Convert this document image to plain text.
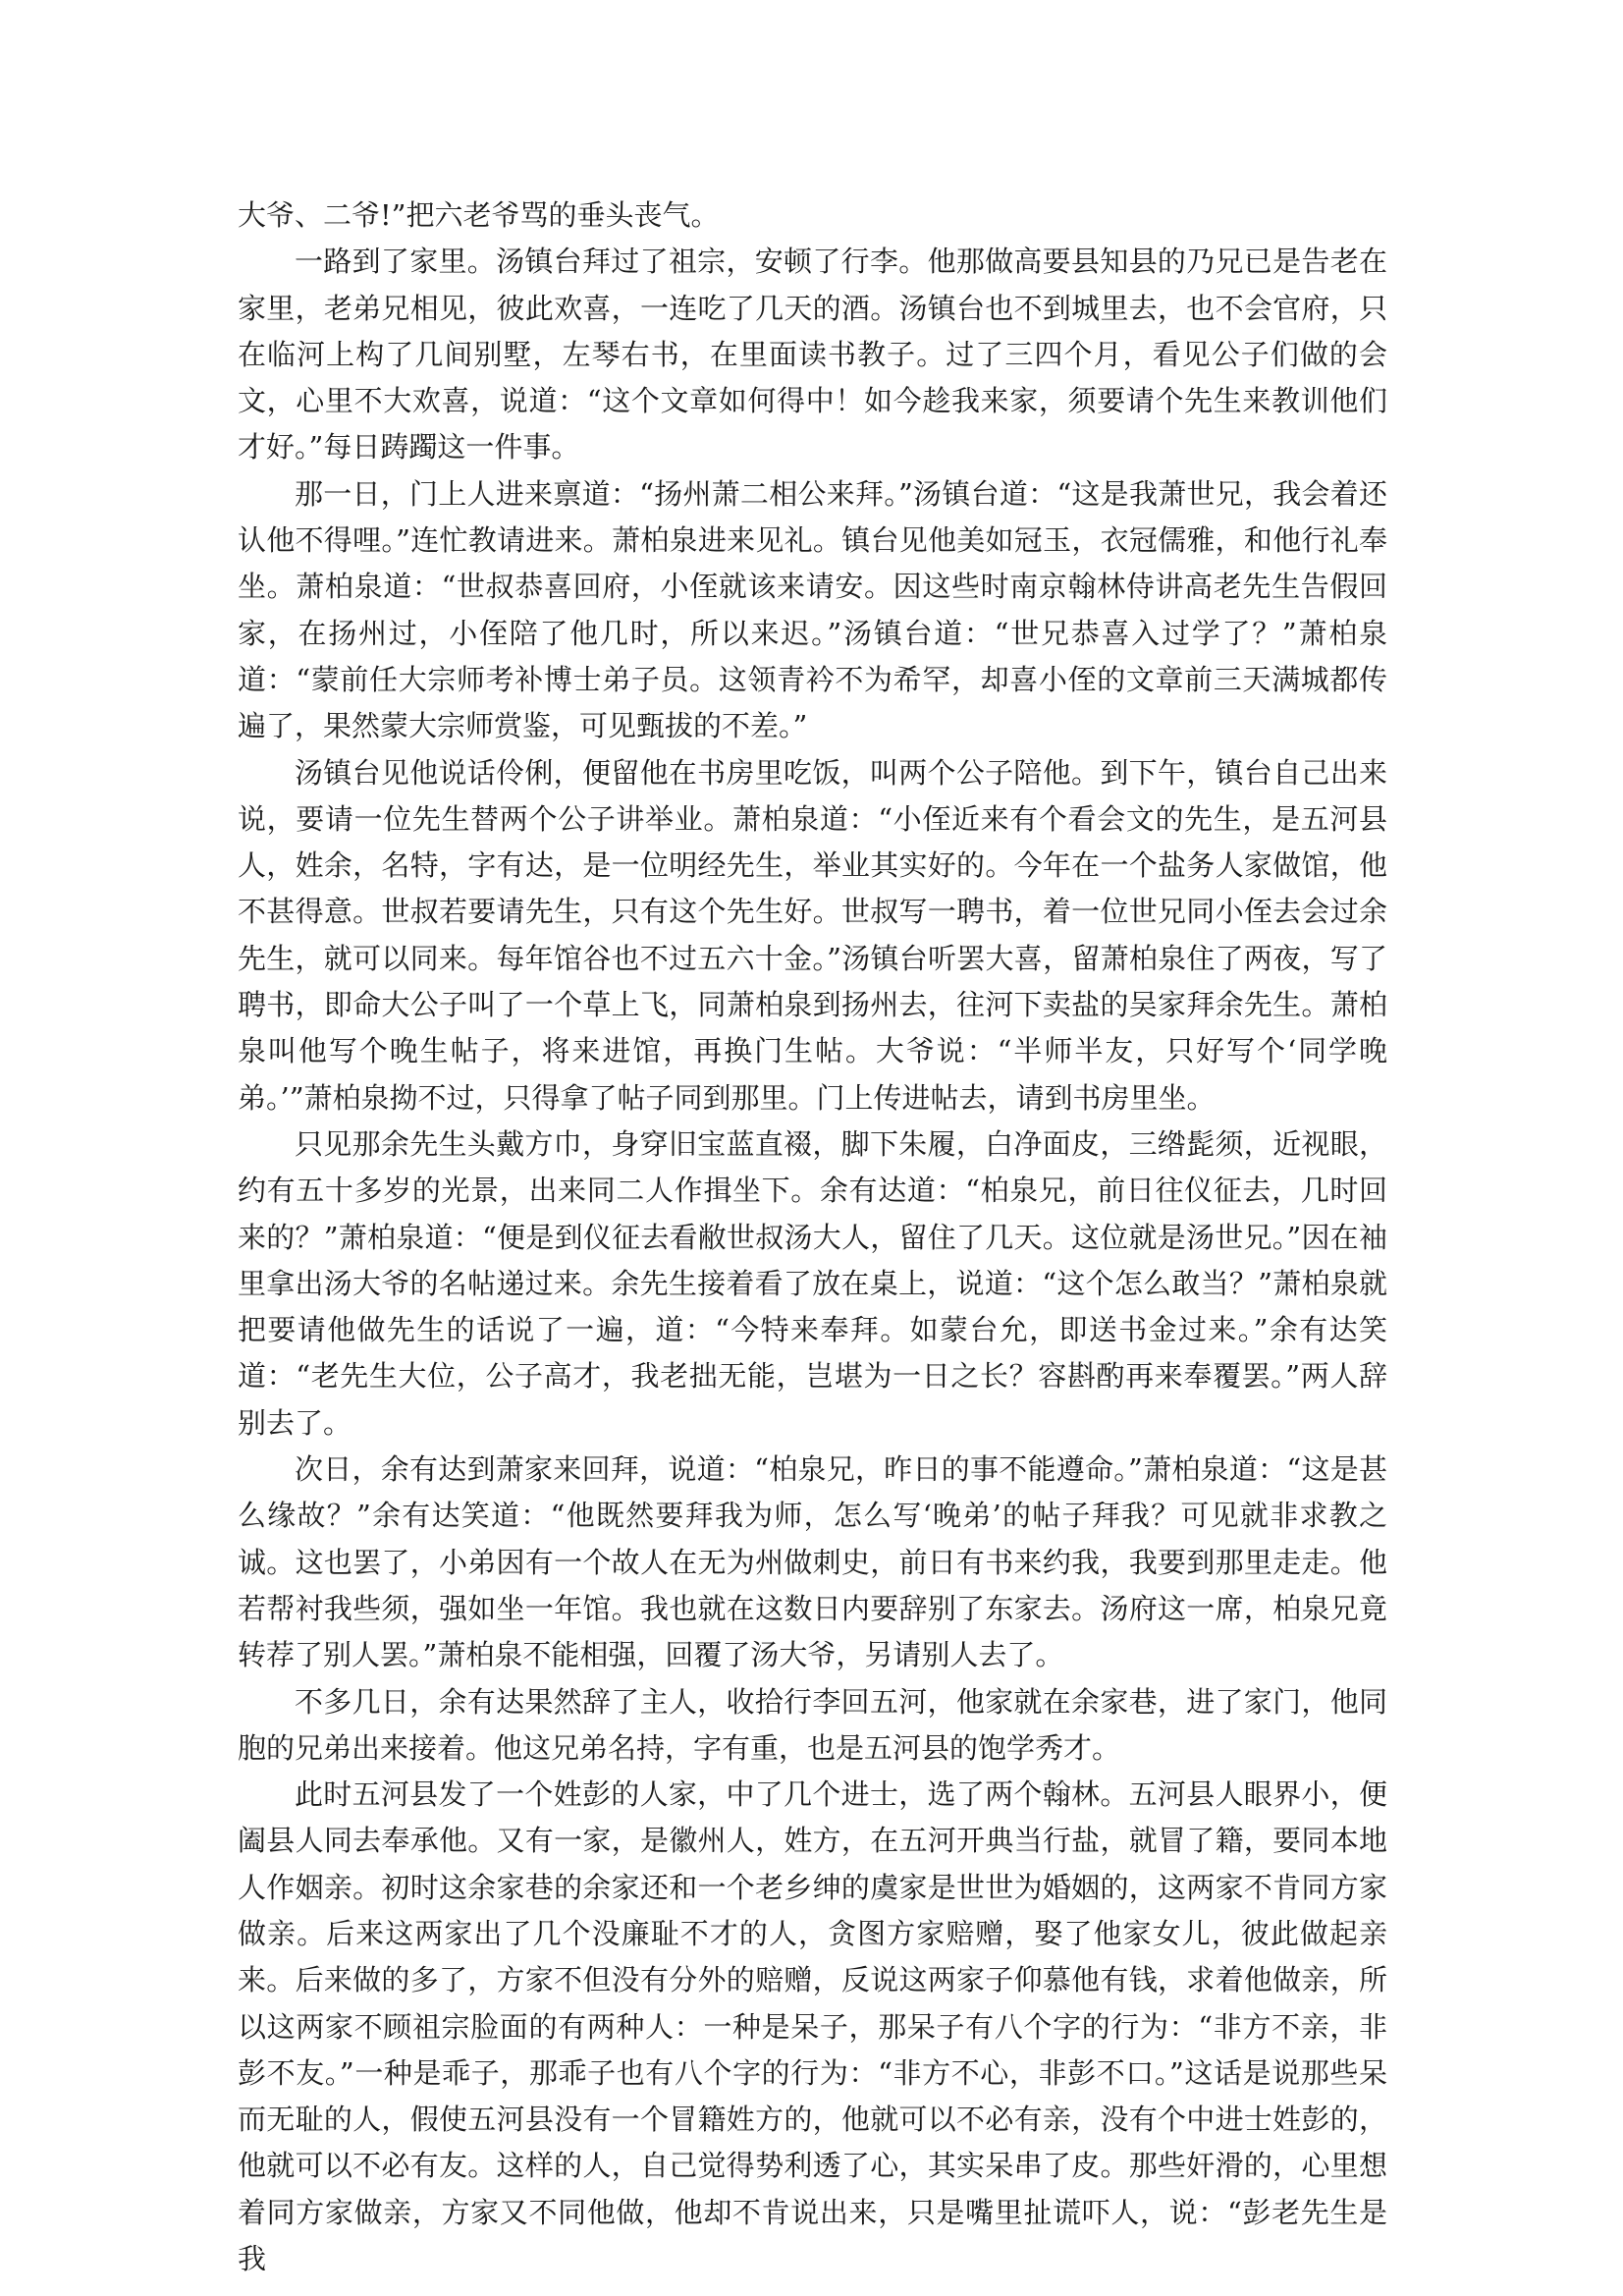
大爷、二爷!”把六老爷骂的垂头丧气。

一路到了家里。汤镇台拜过了祖宗，安顿了行李。他那做高要县知县的乃兄已是告老在家里，老弟兄相见，彼此欢喜，一连吃了几天的酒。汤镇台也不到城里去，也不会官府，只在临河上构了几间别墅，左琴右书，在里面读书教子。过了三四个月，看见公子们做的会文，心里不大欢喜，说道：“这个文章如何得中！如今趁我来家，须要请个先生来教训他们才好。”每日踌躅这一件事。

那一日，门上人进来禀道：“扬州萧二相公来拜。”汤镇台道：“这是我萧世兄，我会着还认他不得哩。”连忙教请进来。萧柏泉进来见礼。镇台见他美如冠玉，衣冠儒雅，和他行礼奉坐。萧柏泉道：“世叔恭喜回府，小侄就该来请安。因这些时南京翰林侍讲高老先生告假回家，在扬州过，小侄陪了他几时，所以来迟。”汤镇台道：“世兄恭喜入过学了？”萧柏泉道：“蒙前任大宗师考补博士弟子员。这领青衿不为希罕，却喜小侄的文章前三天满城都传遍了，果然蒙大宗师赏鉴，可见甄拔的不差。”

汤镇台见他说话伶俐，便留他在书房里吃饭，叫两个公子陪他。到下午，镇台自己出来说，要请一位先生替两个公子讲举业。萧柏泉道：“小侄近来有个看会文的先生，是五河县人，姓余，名特，字有达，是一位明经先生，举业其实好的。今年在一个盐务人家做馆，他不甚得意。世叔若要请先生，只有这个先生好。世叔写一聘书，着一位世兄同小侄去会过余先生，就可以同来。每年馆谷也不过五六十金。”汤镇台听罢大喜，留萧柏泉住了两夜，写了聘书，即命大公子叫了一个草上飞，同萧柏泉到扬州去，往河下卖盐的吴家拜余先生。萧柏泉叫他写个晚生帖子，将来进馆，再换门生帖。大爷说：“半师半友，只好写个‘同学晚弟。’”萧柏泉拗不过，只得拿了帖子同到那里。门上传进帖去，请到书房里坐。

只见那余先生头戴方巾，身穿旧宝蓝直裰，脚下朱履，白净面皮，三绺髭须，近视眼，约有五十多岁的光景，出来同二人作揖坐下。余有达道：“柏泉兄，前日往仪征去，几时回来的？”萧柏泉道：“便是到仪征去看敝世叔汤大人，留住了几天。这位就是汤世兄。”因在袖里拿出汤大爷的名帖递过来。余先生接着看了放在桌上，说道：“这个怎么敢当？”萧柏泉就把要请他做先生的话说了一遍，道：“今特来奉拜。如蒙台允，即送书金过来。”余有达笑道：“老先生大位，公子高才，我老拙无能，岂堪为一日之长？容斟酌再来奉覆罢。”两人辞别去了。

次日，余有达到萧家来回拜，说道：“柏泉兄，昨日的事不能遵命。”萧柏泉道：“这是甚么缘故？”余有达笑道：“他既然要拜我为师，怎么写‘晚弟’的帖子拜我？可见就非求教之诚。这也罢了，小弟因有一个故人在无为州做刺史，前日有书来约我，我要到那里走走。他若帮衬我些须，强如坐一年馆。我也就在这数日内要辞别了东家去。汤府这一席，柏泉兄竟转荐了别人罢。”萧柏泉不能相强，回覆了汤大爷，另请别人去了。

不多几日，余有达果然辞了主人，收拾行李回五河，他家就在余家巷，进了家门，他同胞的兄弟出来接着。他这兄弟名持，字有重，也是五河县的饱学秀才。

此时五河县发了一个姓彭的人家，中了几个进士，选了两个翰林。五河县人眼界小，便阖县人同去奉承他。又有一家，是徽州人，姓方，在五河开典当行盐，就冒了籍，要同本地人作姻亲。初时这余家巷的余家还和一个老乡绅的虞家是世世为婚姻的，这两家不肯同方家做亲。后来这两家出了几个没廉耻不才的人，贪图方家赔赠，娶了他家女儿，彼此做起亲来。后来做的多了，方家不但没有分外的赔赠，反说这两家子仰慕他有钱，求着他做亲，所以这两家不顾祖宗脸面的有两种人：一种是呆子，那呆子有八个字的行为：“非方不亲，非彭不友。”一种是乖子，那乖子也有八个字的行为：“非方不心，非彭不口。”这话是说那些呆而无耻的人，假使五河县没有一个冒籍姓方的，他就可以不必有亲，没有个中进士姓彭的，他就可以不必有友。这样的人，自己觉得势利透了心，其实呆串了皮。那些奸滑的，心里想着同方家做亲，方家又不同他做，他却不肯说出来，只是嘴里扯谎吓人，说：“彭老先生是我
